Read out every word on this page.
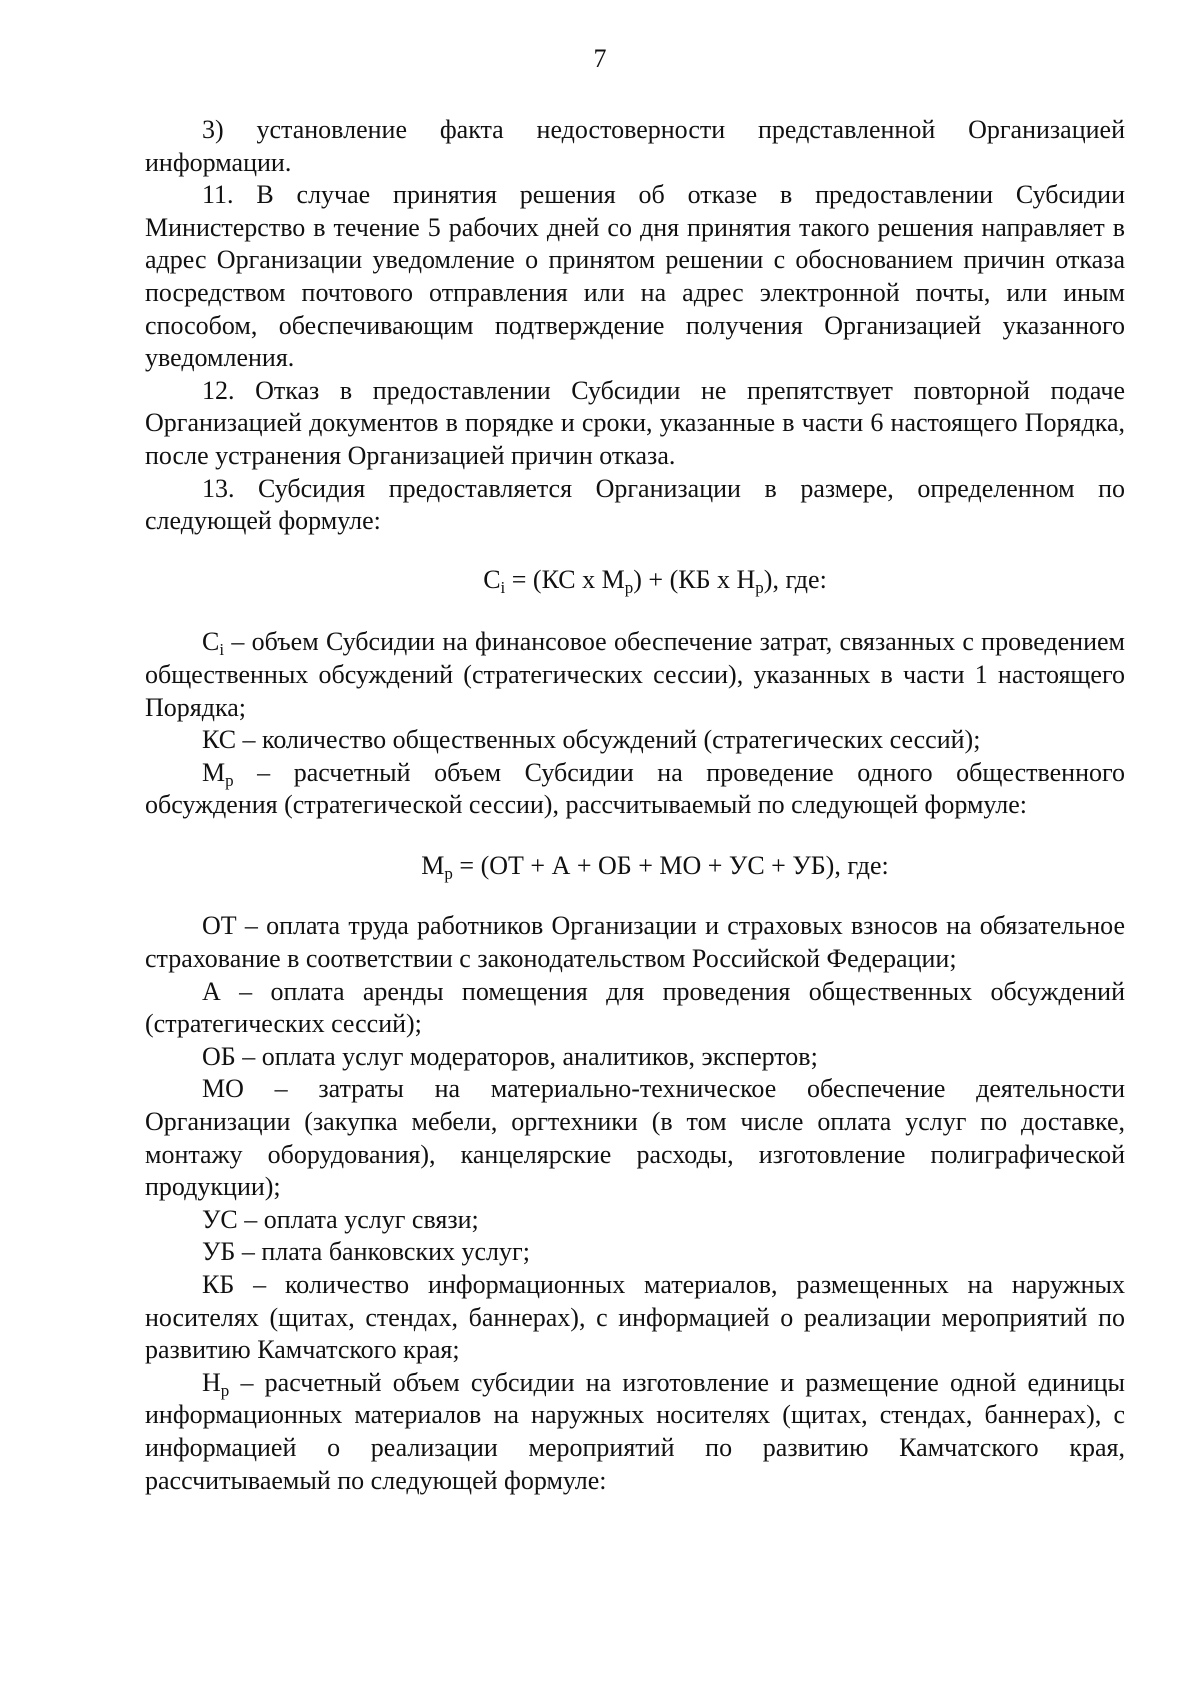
7

3) установление факта недостоверности представленной Организацией информации.

11. В случае принятия решения об отказе в предоставлении Субсидии Министерство в течение 5 рабочих дней со дня принятия такого решения направляет в адрес Организации уведомление о принятом решении с обоснованием причин отказа посредством почтового отправления или на адрес электронной почты, или иным способом, обеспечивающим подтверждение получения Организацией указанного уведомления.

12. Отказ в предоставлении Субсидии не препятствует повторной подаче Организацией документов в порядке и сроки, указанные в части 6 настоящего Порядка, после устранения Организацией причин отказа.

13. Субсидия предоставляется Организации в размере, определенном по следующей формуле:

$C_i = (КС$ х $М_р) + (КБ$ х $Н_р$), где:

$C_i$ – объем Субсидии на финансовое обеспечение затрат, связанных с проведением общественных обсуждений (стратегических сессии), указанных в части 1 настоящего Порядка;

КС – количество общественных обсуждений (стратегических сессий);

$М_р$ – расчетный объем Субсидии на проведение одного общественного обсуждения (стратегической сессии), рассчитываемый по следующей формуле:

$М_р = (ОТ + А$ + ОБ + МО + УС + УБ), где:

ОТ – оплата труда работников Организации и страховых взносов на обязательное страхование в соответствии с законодательством Российской Федерации;

А – оплата аренды помещения для проведения общественных обсуждений (стратегических сессий);

ОБ – оплата услуг модераторов, аналитиков, экспертов;

МО – затраты на материально-техническое обеспечение деятельности Организации (закупка мебели, оргтехники (в том числе оплата услуг по доставке, монтажу оборудования), канцелярские расходы, изготовление полиграфической продукции);

УС – оплата услуг связи;

УБ – плата банковских услуг;

КБ – количество информационных материалов, размещенных на наружных носителях (щитах, стендах, баннерах), с информацией о реализации мероприятий по развитию Камчатского края;

$Н_р$ – расчетный объем субсидии на изготовление и размещение одной единицы информационных материалов на наружных носителях (щитах, стендах, баннерах), с информацией о реализации мероприятий по развитию Камчатского края, рассчитываемый по следующей формуле:
